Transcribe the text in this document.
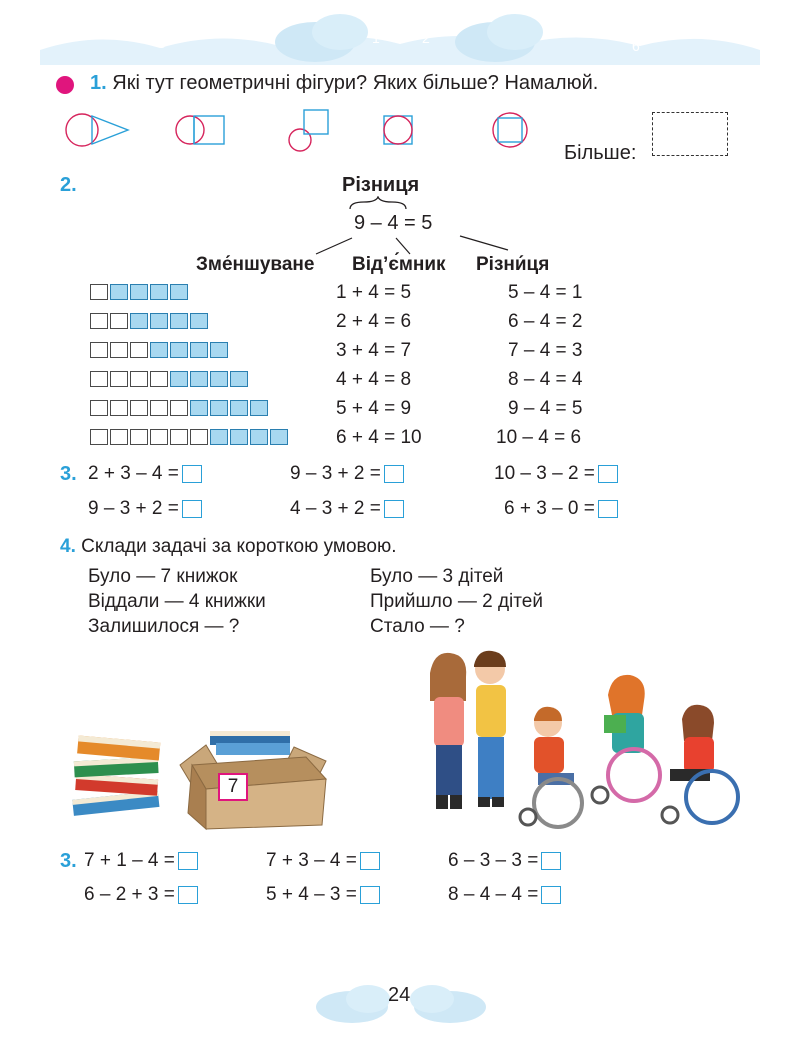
7
5
3	0
1	2	4
6
8
1. Які тут геометричні фігури? Яких більше? Намалюй.
Більше:
2.	Різниця
9 – 4 = 5
Зме́ншуване Від’є́мник Різни́ця
1 + 4 = 5	5 – 4 = 1
2 + 4 = 6	6 – 4 = 2
3 + 4 = 7	7 – 4 = 3
4 + 4 = 8	8 – 4 = 4
5 + 4 = 9	9 – 4 = 5
6 + 4 = 10	10 – 4 = 6
3. 2 + 3 – 4 =	9 – 3 + 2 =	10 – 3 – 2 =
9 – 3 + 2 =	4 – 3 + 2 =	6 + 3 – 0 =
4. Склади задачі за короткою умовою.
Було — 7 книжок
Віддали — 4 книжки
Залишилося — ?
Було — 3 дітей
Прийшло — 2 дітей
Стало — ?
7
3. 7 + 1 – 4 =	7 + 3 – 4 =	6 – 3 – 3 =
6 – 2 + 3 =	5 + 4 – 3 =	8 – 4 – 4 =
24
